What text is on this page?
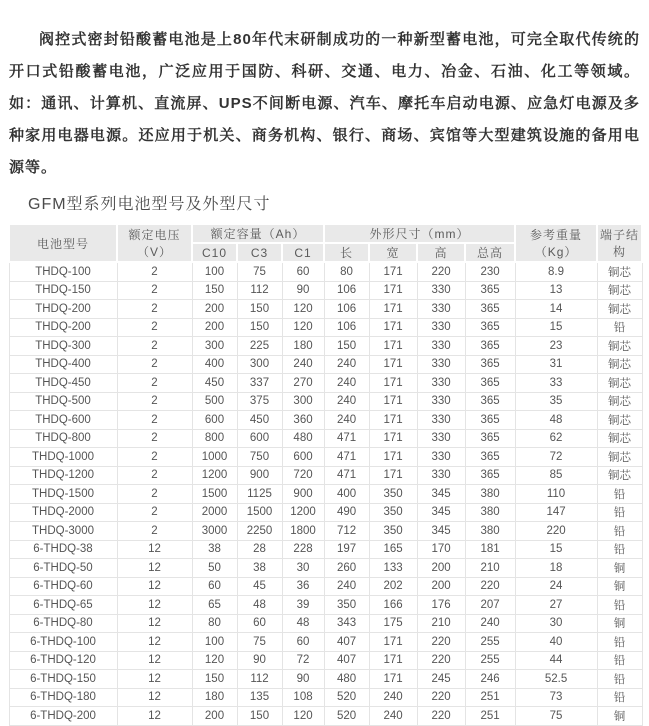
阀控式密封铅酸蓄电池是上80年代末研制成功的一种新型蓄电池，可完全取代传统的开口式铅酸蓄电池，广泛应用于国防、科研、交通、电力、冶金、石油、化工等领域。如：通讯、计算机、直流屏、UPS不间断电源、汽车、摩托车启动电源、应急灯电源及多种家用电器电源。还应用于机关、商务机构、银行、商场、宾馆等大型建筑设施的备用电源等。

GFM型系列电池型号及外型尺寸
电池型号	额定电压（V）	额定容量（Ah）			外形尺寸（mm）				参考重量（Kg）	端子结构
		C10	C3	C1	长	宽	高	总高		
THDQ-100	2	100	75	60	80	171	220	230	8.9	铜芯
THDQ-150	2	150	112	90	106	171	330	365	13	铜芯
THDQ-200	2	200	150	120	106	171	330	365	14	铜芯
THDQ-200	2	200	150	120	106	171	330	365	15	铅
THDQ-300	2	300	225	180	150	171	330	365	23	铜芯
THDQ-400	2	400	300	240	240	171	330	365	31	铜芯
THDQ-450	2	450	337	270	240	171	330	365	33	铜芯
THDQ-500	2	500	375	300	240	171	330	365	35	铜芯
THDQ-600	2	600	450	360	240	171	330	365	48	铜芯
THDQ-800	2	800	600	480	471	171	330	365	62	铜芯
THDQ-1000	2	1000	750	600	471	171	330	365	72	铜芯
THDQ-1200	2	1200	900	720	471	171	330	365	85	铜芯
THDQ-1500	2	1500	1125	900	400	350	345	380	110	铅
THDQ-2000	2	2000	1500	1200	490	350	345	380	147	铅
THDQ-3000	2	3000	2250	1800	712	350	345	380	220	铅
6-THDQ-38	12	38	28	228	197	165	170	181	15	铅
6-THDQ-50	12	50	38	30	260	133	200	210	18	铜
6-THDQ-60	12	60	45	36	240	202	200	220	24	铜
6-THDQ-65	12	65	48	39	350	166	176	207	27	铅
6-THDQ-80	12	80	60	48	343	175	210	240	30	铜
6-THDQ-100	12	100	75	60	407	171	220	255	40	铅
6-THDQ-120	12	120	90	72	407	171	220	255	44	铅
6-THDQ-150	12	150	112	90	480	171	245	246	52.5	铅
6-THDQ-180	12	180	135	108	520	240	220	251	73	铅
6-THDQ-200	12	200	150	120	520	240	220	251	75	铜
